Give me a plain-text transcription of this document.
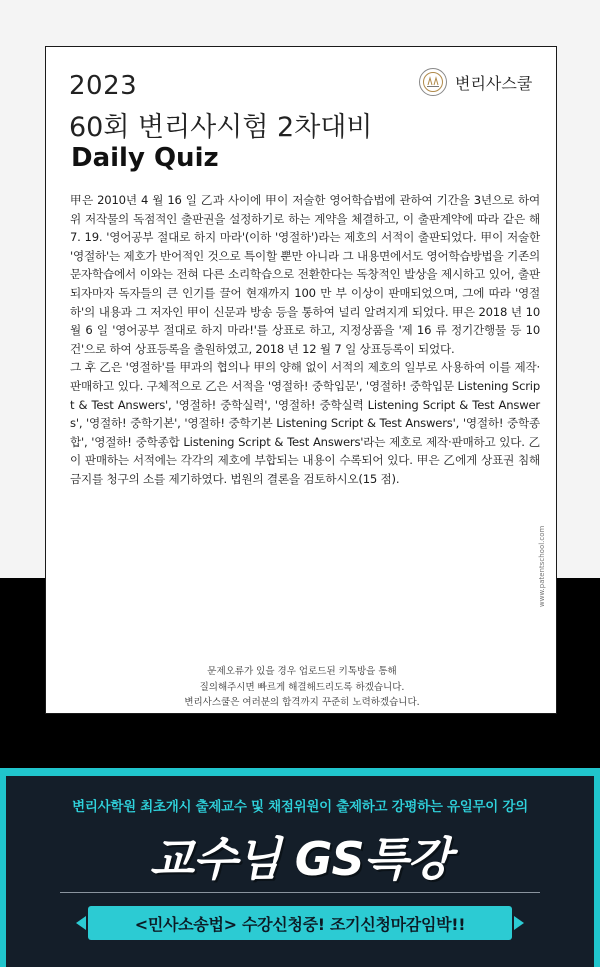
2023
60회 변리사시험 2차대비
Daily Quiz
변리사스쿨

甲은 2010년 4 월 16 일 乙과 사이에 甲이 저술한 영어학습법에 관하여 기간을 3년으로 하여 위 저작물의 독점적인 출판권을 설정하기로 하는 계약을 체결하고, 이 출판계약에 따라 같은 해 7. 19. '영어공부 절대로 하지 마라'(이하 '영절하')라는 제호의 서적이 출판되었다. 甲이 저술한 '영절하'는 제호가 반어적인 것으로 특이할 뿐만 아니라 그 내용면에서도 영어학습방법을 기존의 문자학습에서 이와는 전혀 다른 소리학습으로 전환한다는 독창적인 발상을 제시하고 있어, 출판되자마자 독자들의 큰 인기를 끌어 현재까지 100 만 부 이상이 판매되었으며, 그에 따라 '영절하'의 내용과 그 저자인 甲이 신문과 방송 등을 통하여 널리 알려지게 되었다. 甲은 2018 년 10 월 6 일 '영어공부 절대로 하지 마라!'를 상표로 하고, 지정상품을 '제 16 류 정기간행물 등 10 건'으로 하여 상표등록을 출원하였고, 2018 년 12 월 7 일 상표등록이 되었다.

그 후 乙은 '영절하'를 甲과의 협의나 甲의 양해 없이 서적의 제호의 일부로 사용하여 이를 제작·판매하고 있다. 구체적으로 乙은 서적을 '영절하! 중학입문', '영절하! 중학입문 Listening Script & Test Answers', '영절하! 중학실력', '영절하! 중학실력 Listening Script & Test Answers', '영절하! 중학기본', '영절하! 중학기본 Listening Script & Test Answers', '영절하! 중학종합', '영절하! 중학종합 Listening Script & Test Answers'라는 제호로 제작·판매하고 있다. 乙이 판매하는 서적에는 각각의 제호에 부합되는 내용이 수록되어 있다. 甲은 乙에게 상표권 침해금지를 청구의 소를 제기하였다. 법원의 결론을 검토하시오(15 점).

www.patentschool.com

문제오류가 있을 경우 업로드된 키톡방을 통해

질의해주시면 빠르게 해결해드리도록 하겠습니다.

변리사스쿨은 여러분의 합격까지 꾸준히 노력하겠습니다.

변리사학원 최초개시 출제교수 및 채점위원이 출제하고 강평하는 유일무이 강의
교수님 GS특강
<민사소송법> 수강신청중! 조기신청마감임박!!
